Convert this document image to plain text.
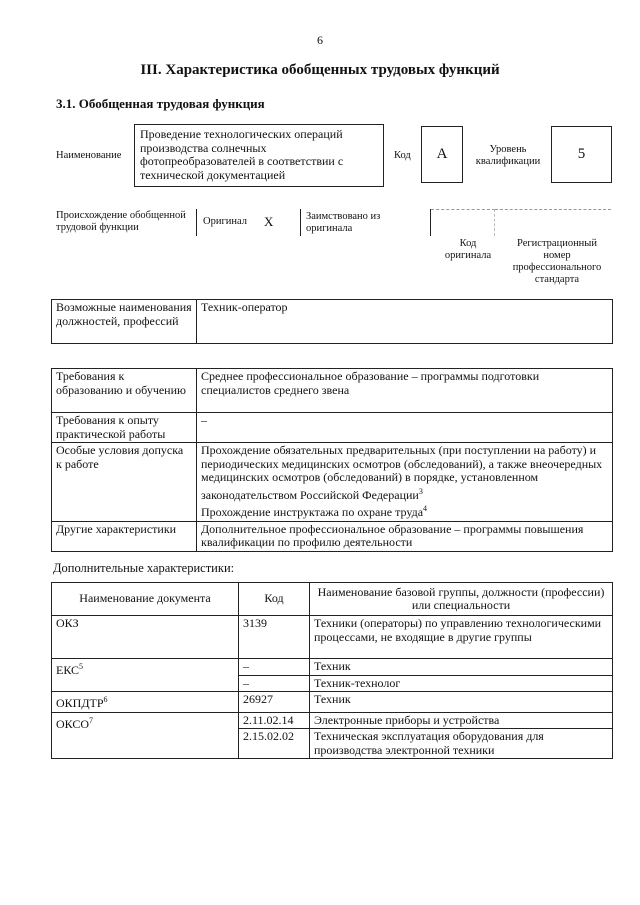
6
III. Характеристика обобщенных трудовых функций
3.1. Обобщенная трудовая функция
Наименование
Проведение технологических операций производства солнечных фотопреобразователей в соответствии с технической документацией
Код A	Уровень квалификации	5
Происхождение обобщенной трудовой функции
Оригинал X	Заимствовано из оригинала
Код оригинала
Регистрационный номер профессионального стандарта
Возможные наименования должностей, профессий	Техник-оператор
Требования к образованию и обучению	Среднее профессиональное образование – программы подготовки специалистов среднего звена
Требования к опыту практической работы	–
Особые условия допуска к работе	Прохождение обязательных предварительных (при поступлении на работу) и периодических медицинских осмотров (обследований), а также внеочередных медицинских осмотров (обследований) в порядке, установленном законодательством Российской Федерации$^3$
Прохождение инструктажа по охране труда$^4$
Другие характеристики	Дополнительное профессиональное образование – программы повышения квалификации по профилю деятельности
Дополнительные характеристики:
Наименование документа	Код	Наименование базовой группы, должности (профессии) или специальности
ОКЗ	3139	Техники (операторы) по управлению технологическими процессами, не входящие в другие группы
ЕКС$^5$	–	Техник
	–	Техник-технолог
ОКПДТР$^6$	26927	Техник
ОКСО$^7$	2.11.02.14	Электронные приборы и устройства
	2.15.02.02	Техническая эксплуатация оборудования для производства электронной техники
